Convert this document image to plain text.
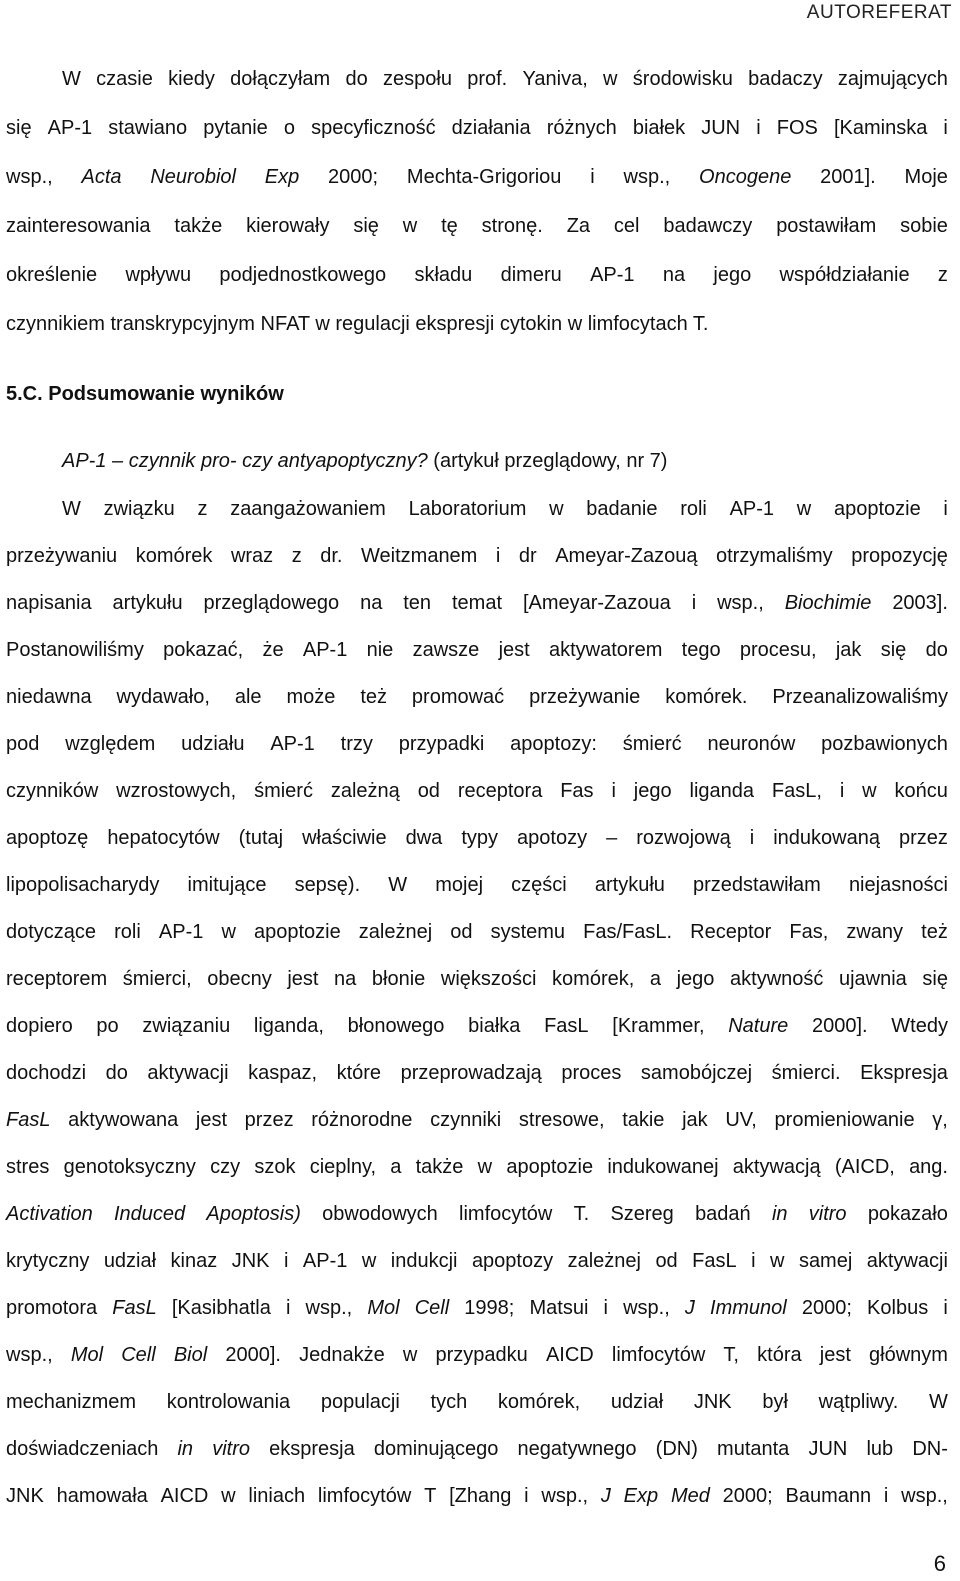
AUTOREFERAT
W czasie kiedy dołączyłam do zespołu prof. Yaniva, w środowisku badaczy zajmujących
się AP-1 stawiano pytanie o specyficzność działania różnych białek JUN i FOS [Kaminska i
wsp., Acta Neurobiol Exp 2000; Mechta-Grigoriou i wsp., Oncogene 2001]. Moje
zainteresowania także kierowały się w tę stronę. Za cel badawczy postawiłam sobie
określenie wpływu podjednostkowego składu dimeru AP-1 na jego współdziałanie z
czynnikiem transkrypcyjnym NFAT w regulacji ekspresji cytokin w limfocytach T.
5.C. Podsumowanie wyników
AP-1 – czynnik pro- czy antyapoptyczny? (artykuł przeglądowy, nr 7)
W związku z zaangażowaniem Laboratorium w badanie roli AP-1 w apoptozie i
przeżywaniu komórek wraz z dr. Weitzmanem i dr Ameyar-Zazouą otrzymaliśmy propozycję
napisania artykułu przeglądowego na ten temat [Ameyar-Zazoua i wsp., Biochimie 2003].
Postanowiliśmy pokazać, że AP-1 nie zawsze jest aktywatorem tego procesu, jak się do
niedawna wydawało, ale może też promować przeżywanie komórek. Przeanalizowaliśmy
pod względem udziału AP-1 trzy przypadki apoptozy: śmierć neuronów pozbawionych
czynników wzrostowych, śmierć zależną od receptora Fas i jego liganda FasL, i w końcu
apoptozę hepatocytów (tutaj właściwie dwa typy apotozy – rozwojową i indukowaną przez
lipopolisacharydy imitujące sepsę). W mojej części artykułu przedstawiłam niejasności
dotyczące roli AP-1 w apoptozie zależnej od systemu Fas/FasL. Receptor Fas, zwany też
receptorem śmierci, obecny jest na błonie większości komórek, a jego aktywność ujawnia się
dopiero po związaniu liganda, błonowego białka FasL [Krammer, Nature 2000]. Wtedy
dochodzi do aktywacji kaspaz, które przeprowadzają proces samobójczej śmierci. Ekspresja
FasL aktywowana jest przez różnorodne czynniki stresowe, takie jak UV, promieniowanie γ,
stres genotoksyczny czy szok cieplny, a także w apoptozie indukowanej aktywacją (AICD, ang.
Activation Induced Apoptosis) obwodowych limfocytów T. Szereg badań in vitro pokazało
krytyczny udział kinaz JNK i AP-1 w indukcji apoptozy zależnej od FasL i w samej aktywacji
promotora FasL [Kasibhatla i wsp., Mol Cell 1998; Matsui i wsp., J Immunol 2000; Kolbus i
wsp., Mol Cell Biol 2000]. Jednakże w przypadku AICD limfocytów T, która jest głównym
mechanizmem kontrolowania populacji tych komórek, udział JNK był wątpliwy. W
doświadczeniach in vitro ekspresja dominującego negatywnego (DN) mutanta JUN lub DN-
JNK hamowała AICD w liniach limfocytów T [Zhang i wsp., J Exp Med 2000; Baumann i wsp.,
6
